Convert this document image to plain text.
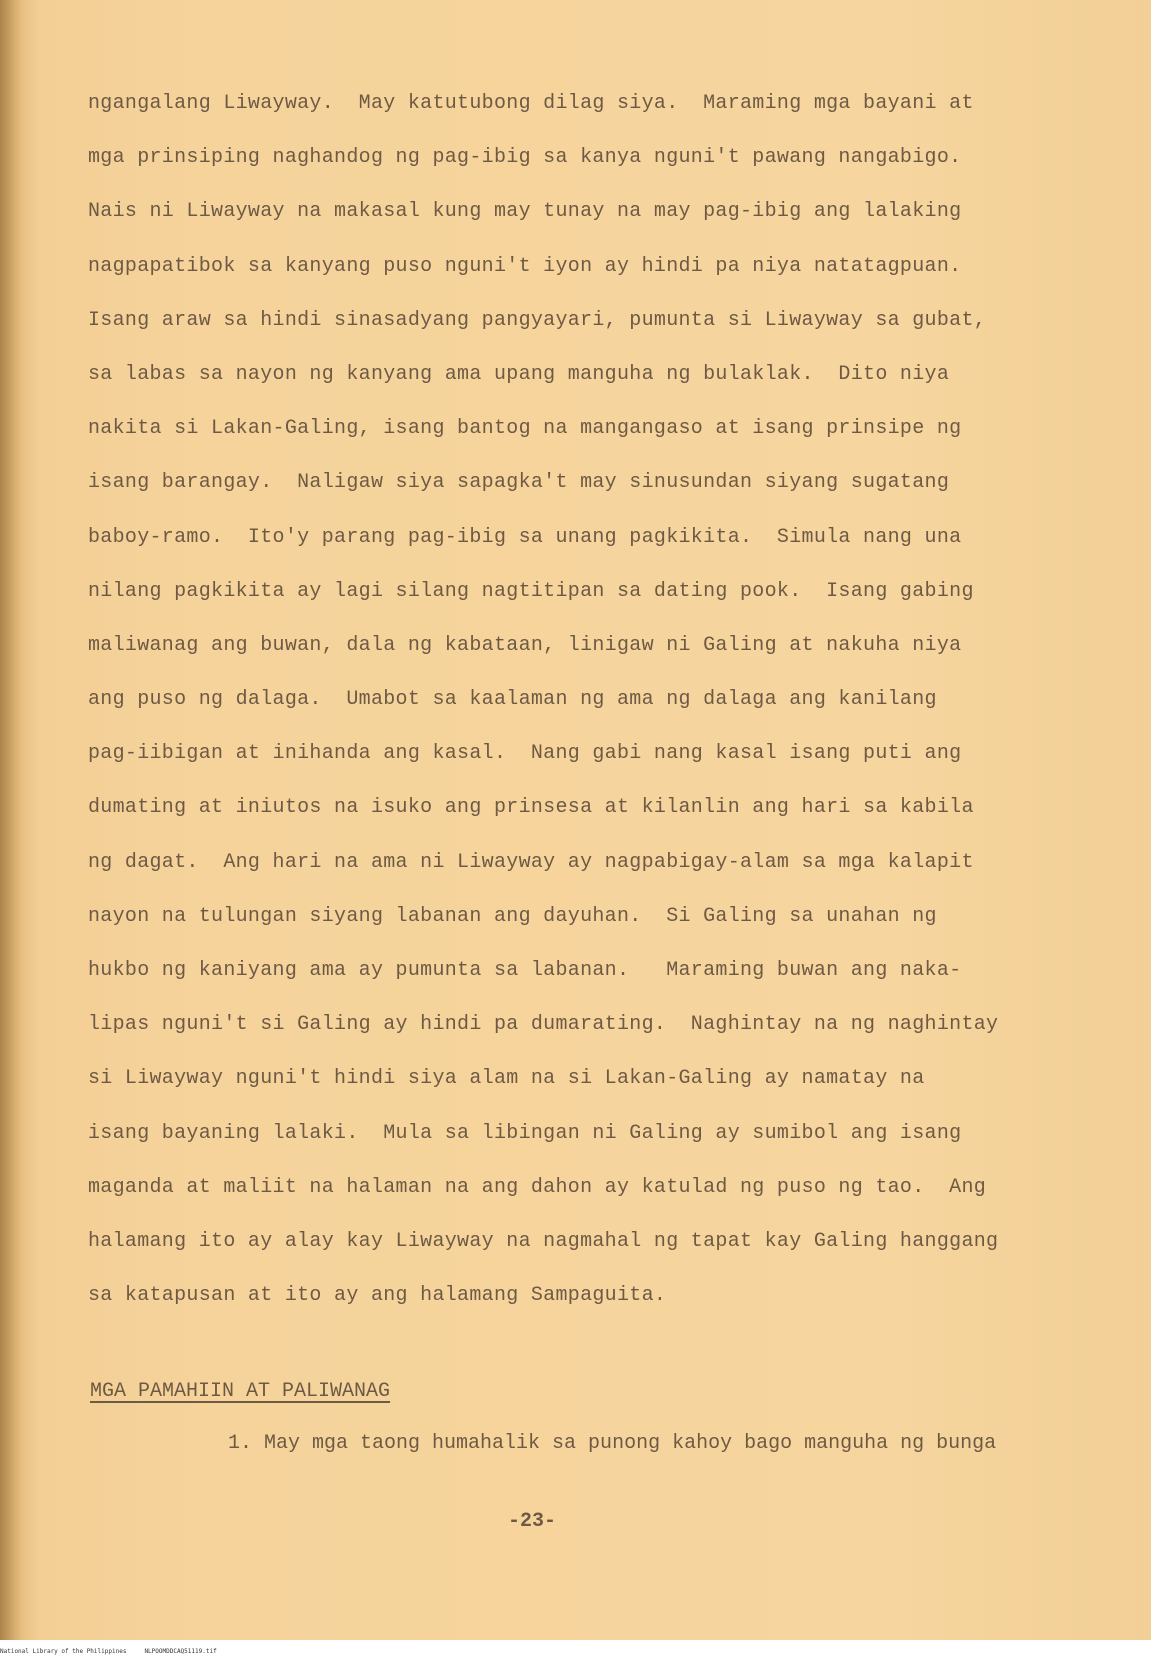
ngangalang Liwayway.  May katutubong dilag siya.  Maraming mga bayani at
mga prinsiping naghandog ng pag-ibig sa kanya nguni't pawang nangabigo.
Nais ni Liwayway na makasal kung may tunay na may pag-ibig ang lalaking
nagpapatibok sa kanyang puso nguni't iyon ay hindi pa niya natatagpuan.
Isang araw sa hindi sinasadyang pangyayari, pumunta si Liwayway sa gubat,
sa labas sa nayon ng kanyang ama upang manguha ng bulaklak.  Dito niya
nakita si Lakan-Galing, isang bantog na mangangaso at isang prinsipe ng
isang barangay.  Naligaw siya sapagka't may sinusundan siyang sugatang
baboy-ramo.  Ito'y parang pag-ibig sa unang pagkikita.  Simula nang una
nilang pagkikita ay lagi silang nagtitipan sa dating pook.  Isang gabing
maliwanag ang buwan, dala ng kabataan, linigaw ni Galing at nakuha niya
ang puso ng dalaga.  Umabot sa kaalaman ng ama ng dalaga ang kanilang
pag-iibigan at inihanda ang kasal.  Nang gabi nang kasal isang puti ang
dumating at iniutos na isuko ang prinsesa at kilanlin ang hari sa kabila
ng dagat.  Ang hari na ama ni Liwayway ay nagpabigay-alam sa mga kalapit
nayon na tulungan siyang labanan ang dayuhan.  Si Galing sa unahan ng
hukbo ng kaniyang ama ay pumunta sa labanan.   Maraming buwan ang naka-
lipas nguni't si Galing ay hindi pa dumarating.  Naghintay na ng naghintay
si Liwayway nguni't hindi siya alam na si Lakan-Galing ay namatay na
isang bayaning lalaki.  Mula sa libingan ni Galing ay sumibol ang isang
maganda at maliit na halaman na ang dahon ay katulad ng puso ng tao.  Ang
halamang ito ay alay kay Liwayway na nagmahal ng tapat kay Galing hanggang
sa katapusan at ito ay ang halamang Sampaguita.
MGA PAMAHIIN AT PALIWANAG
1. May mga taong humahalik sa punong kahoy bago manguha ng bunga
-23-
National Library of the Philippines	NLPOOMDDCAQ51119.tif
